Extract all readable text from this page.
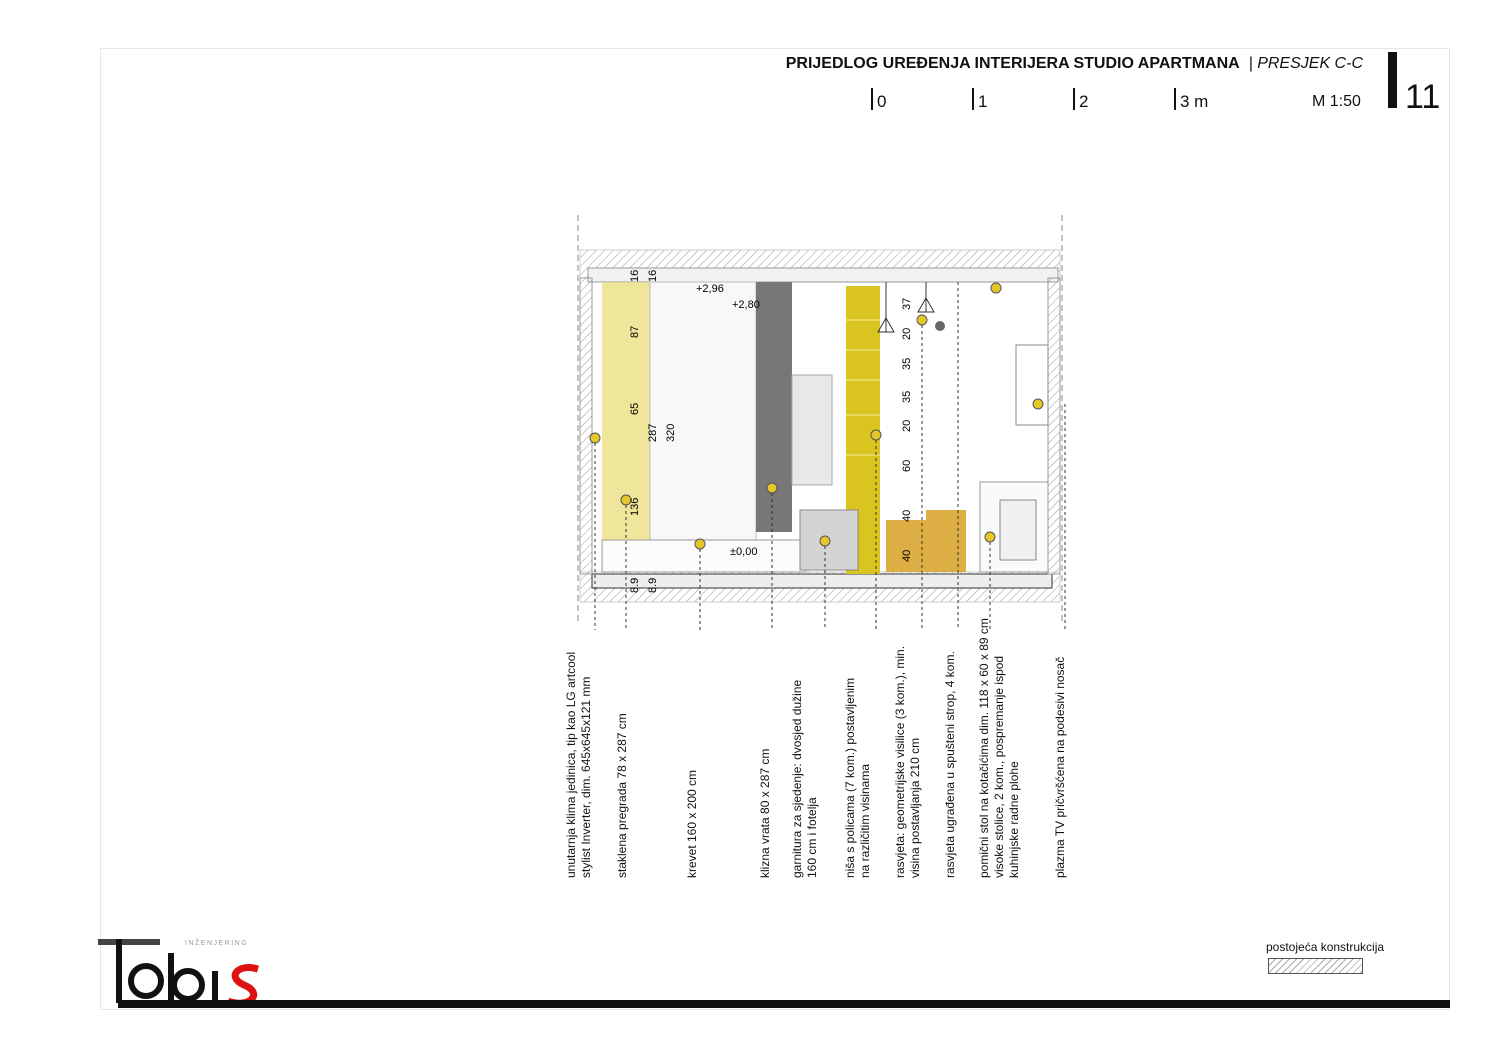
PRIJEDLOG UREĐENJA INTERIJERA STUDIO APARTMANA | PRESJEK C-C
0	1	2	3 m	M 1:50 11
+2,96
+2,80
±0,00
16 16
87
65
287 320
136
8.9 8.9
37
20
35
35
20
60
40
40
unutarnja klima jedinica, tip kao LG artcool stylist Inverter, dim. 645x645x121 mm staklena pregrada 78 x 287 cm	krevet 160 x 200 cm	klizna vrata 80 x 287 cm garnitura za sjedenje: dvosjed dužine 160 cm i fotelja niša s policama (7 kom.) postavljenim na različitim visinama rasvjeta: geometrijske visilice (3 kom.), min. visina postavljanja 210 cm rasvjeta ugrađena u spušteni strop, 4 kom. pomični stol na kotačićima dim. 118 x 60 x 89 cm visoke stolice, 2 kom., pospremanje ispod kuhinjske radne plohe	plazma TV pričvršćena na podesivi nosač
INŽENJERING	postojeća konstrukcija
